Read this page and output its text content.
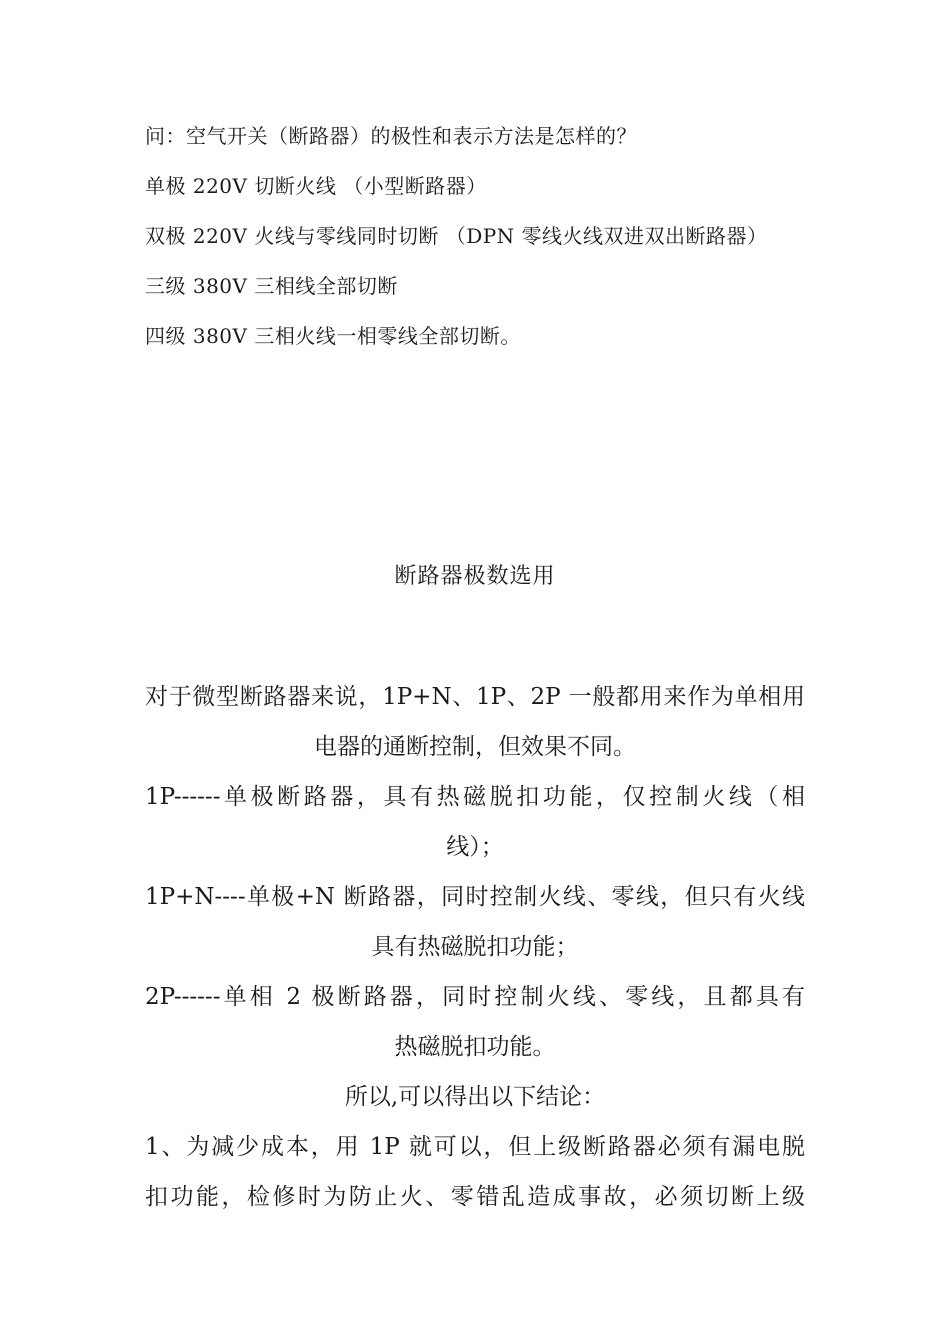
问：空气开关（断路器）的极性和表示方法是怎样的？
单极 220V 切断火线 （小型断路器）
双极 220V 火线与零线同时切断 （DPN 零线火线双进双出断路器）
三级 380V 三相线全部切断
四级 380V 三相火线一相零线全部切断。
断路器极数选用
对于微型断路器来说，1P+N、1P、2P 一般都用来作为单相用
电器的通断控制，但效果不同。
1P------单极断路器，具有热磁脱扣功能，仅控制火线（相
线）；
1P+N----单极+N 断路器，同时控制火线、零线，但只有火线
具有热磁脱扣功能；
2P------单相 2 极断路器，同时控制火线、零线，且都具有
热磁脱扣功能。
所以,可以得出以下结论：
1、为减少成本，用 1P 就可以，但上级断路器必须有漏电脱
扣功能，检修时为防止火、零错乱造成事故，必须切断上级
